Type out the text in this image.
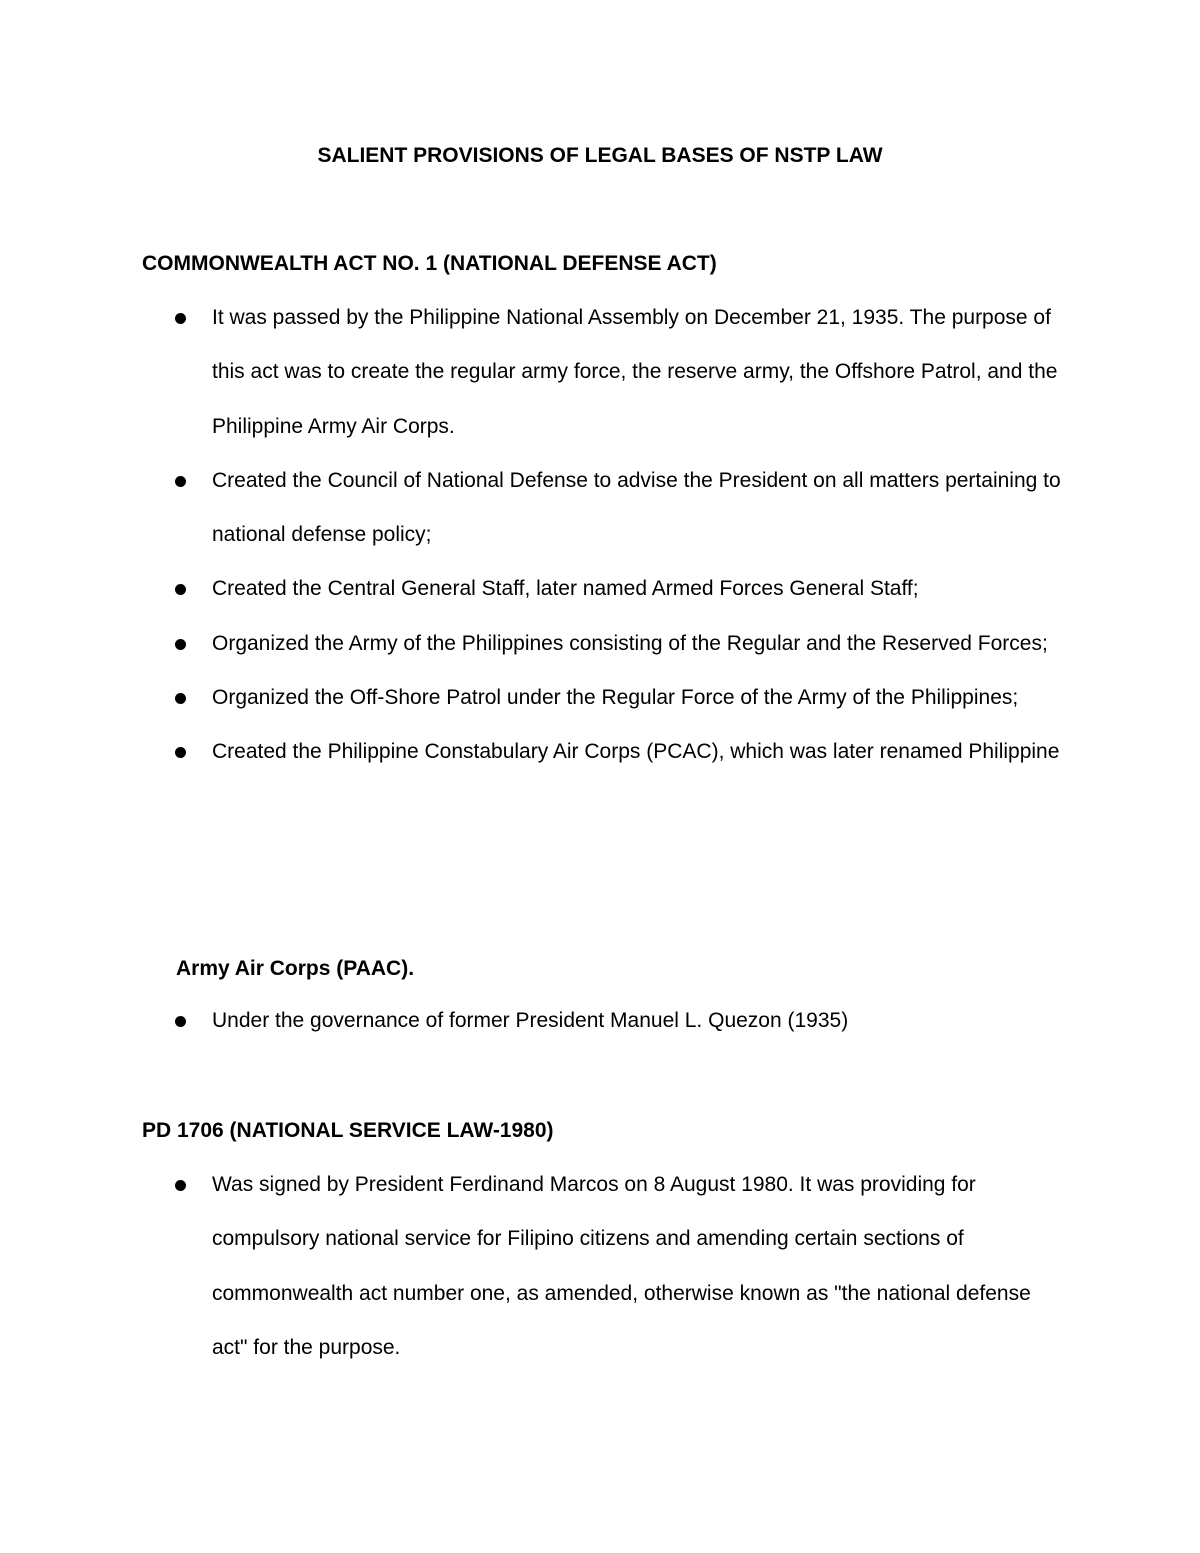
SALIENT PROVISIONS OF LEGAL BASES OF NSTP LAW
COMMONWEALTH ACT NO. 1 (NATIONAL DEFENSE ACT)
It was passed by the Philippine National Assembly on December 21, 1935. The purpose of this act was to create the regular army force, the reserve army, the Offshore Patrol, and the Philippine Army Air Corps.
Created the Council of National Defense to advise the President on all matters pertaining to national defense policy;
Created the Central General Staff, later named Armed Forces General Staff;
Organized the Army of the Philippines consisting of the Regular and the Reserved Forces;
Organized the Off-Shore Patrol under the Regular Force of the Army of the Philippines;
Created the Philippine Constabulary Air Corps (PCAC), which was later renamed Philippine
Army Air Corps (PAAC).
Under the governance of former President Manuel L. Quezon (1935)
PD 1706 (NATIONAL SERVICE LAW-1980)
Was signed by President Ferdinand Marcos on 8 August 1980. It was providing for compulsory national service for Filipino citizens and amending certain sections of commonwealth act number one, as amended, otherwise known as "the national defense act" for the purpose.
